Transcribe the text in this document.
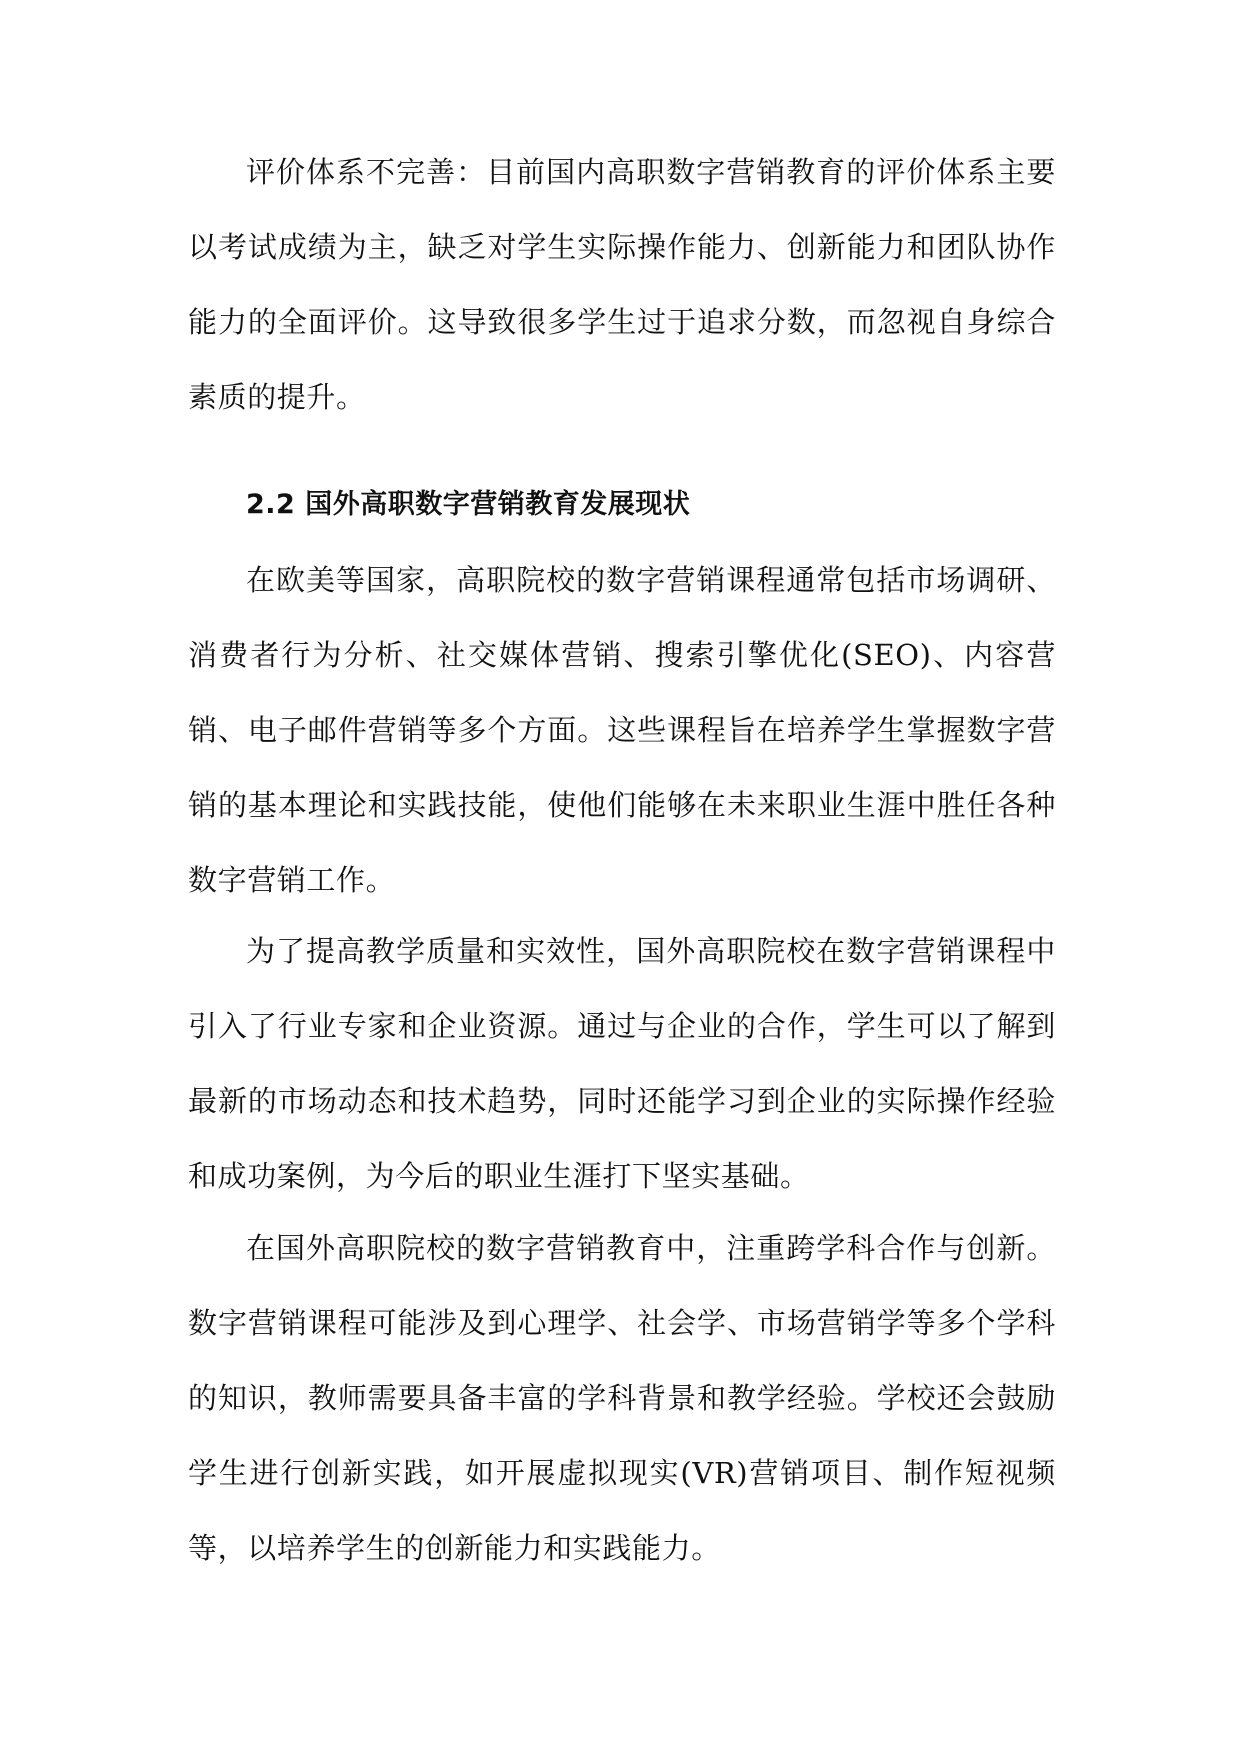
评价体系不完善：目前国内高职数字营销教育的评价体系主要以考试成绩为主，缺乏对学生实际操作能力、创新能力和团队协作能力的全面评价。这导致很多学生过于追求分数，而忽视自身综合素质的提升。

2.2 国外高职数字营销教育发展现状

在欧美等国家，高职院校的数字营销课程通常包括市场调研、消费者行为分析、社交媒体营销、搜索引擎优化(SEO)、内容营销、电子邮件营销等多个方面。这些课程旨在培养学生掌握数字营销的基本理论和实践技能，使他们能够在未来职业生涯中胜任各种数字营销工作。

为了提高教学质量和实效性，国外高职院校在数字营销课程中引入了行业专家和企业资源。通过与企业的合作，学生可以了解到最新的市场动态和技术趋势，同时还能学习到企业的实际操作经验和成功案例，为今后的职业生涯打下坚实基础。

在国外高职院校的数字营销教育中，注重跨学科合作与创新。数字营销课程可能涉及到心理学、社会学、市场营销学等多个学科的知识，教师需要具备丰富的学科背景和教学经验。学校还会鼓励学生进行创新实践，如开展虚拟现实(VR)营销项目、制作短视频等，以培养学生的创新能力和实践能力。
